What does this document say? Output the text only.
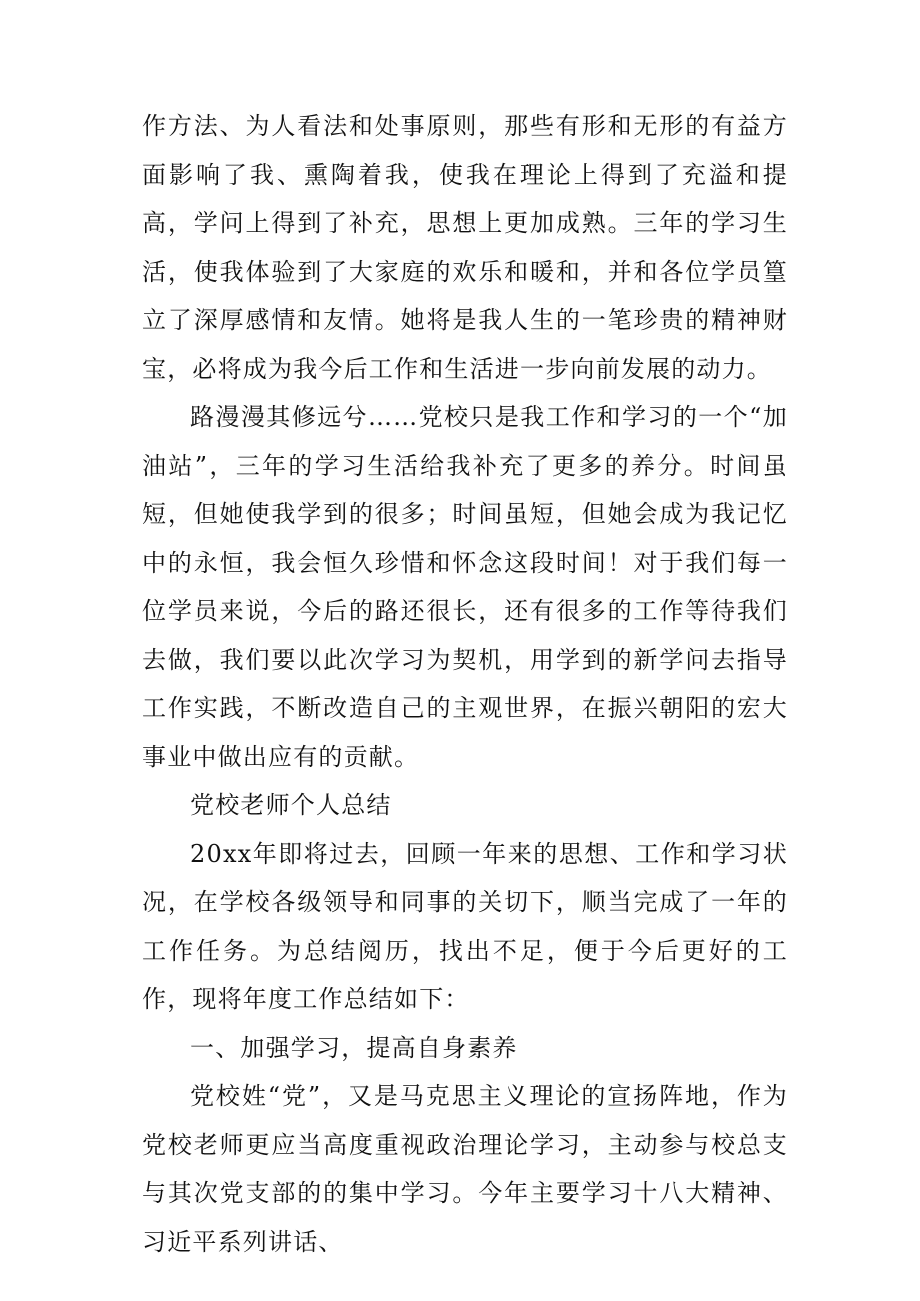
作方法、为人看法和处事原则，那些有形和无形的有益方面影响了我、熏陶着我，使我在理论上得到了充溢和提高，学问上得到了补充，思想上更加成熟。三年的学习生活，使我体验到了大家庭的欢乐和暖和，并和各位学员篁立了深厚感情和友情。她将是我人生的一笔珍贵的精神财宝，必将成为我今后工作和生活进一步向前发展的动力。

路漫漫其修远兮……党校只是我工作和学习的一个“加油站”，三年的学习生活给我补充了更多的养分。时间虽短，但她使我学到的很多；时间虽短，但她会成为我记忆中的永恒，我会恒久珍惜和怀念这段时间！对于我们每一位学员来说，今后的路还很长，还有很多的工作等待我们去做，我们要以此次学习为契机，用学到的新学问去指导工作实践，不断改造自己的主观世界，在振兴朝阳的宏大事业中做出应有的贡献。

党校老师个人总结

20xx年即将过去，回顾一年来的思想、工作和学习状况，在学校各级领导和同事的关切下，顺当完成了一年的工作任务。为总结阅历，找出不足，便于今后更好的工作，现将年度工作总结如下：

一、加强学习，提高自身素养

党校姓“党”，又是马克思主义理论的宣扬阵地，作为党校老师更应当高度重视政治理论学习，主动参与校总支与其次党支部的的集中学习。今年主要学习十八大精神、习近平系列讲话、
